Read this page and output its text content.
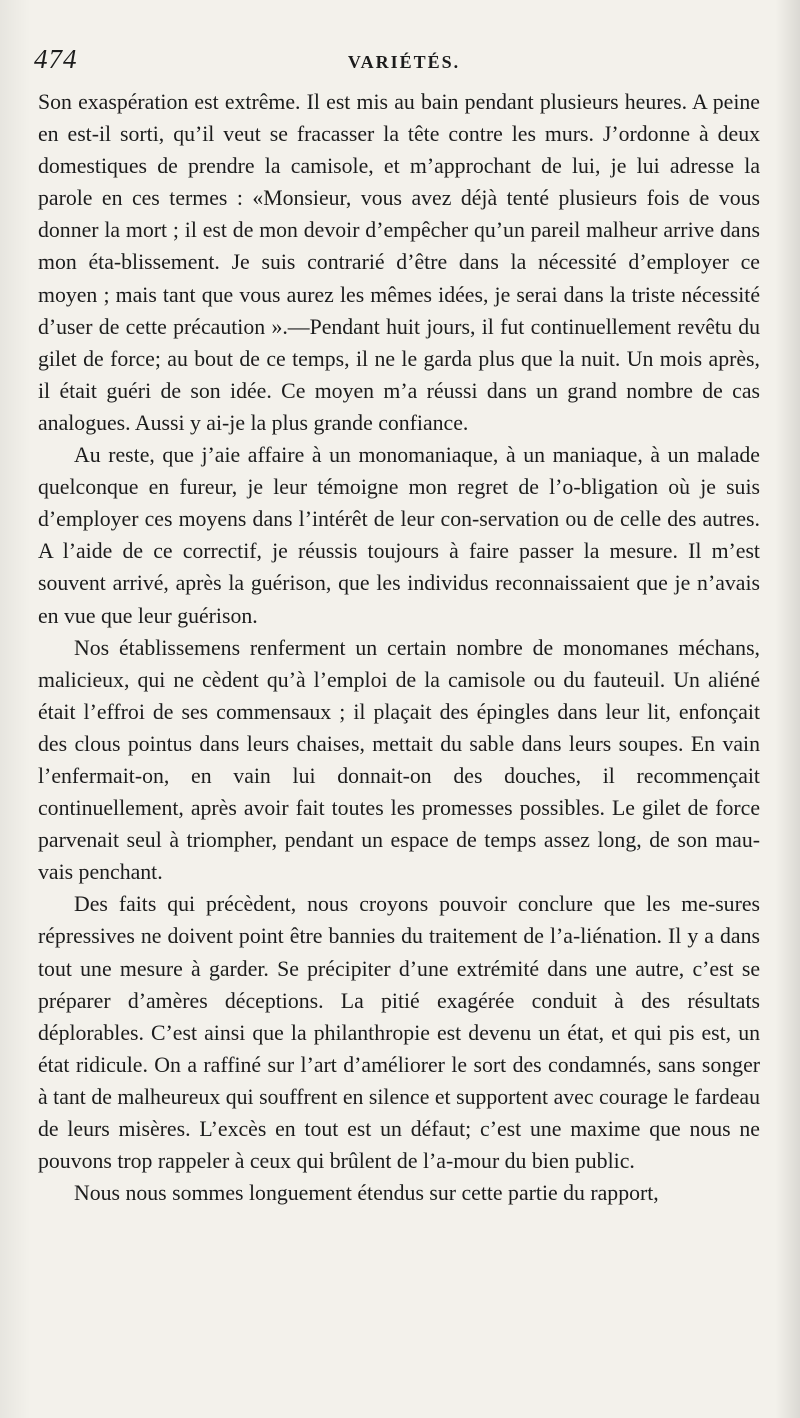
474	VARIÉTÉS.

Son exaspération est extrême. Il est mis au bain pendant plusieurs heures. A peine en est-il sorti, qu’il veut se fracasser la tête contre les murs. J’ordonne à deux domestiques de prendre la camisole, et m’approchant de lui, je lui adresse la parole en ces termes : «Monsieur, vous avez déjà tenté plusieurs fois de vous donner la mort ; il est de mon devoir d’empêcher qu’un pareil malheur arrive dans mon éta-blissement. Je suis contrarié d’être dans la nécessité d’employer ce moyen ; mais tant que vous aurez les mêmes idées, je serai dans la triste nécessité d’user de cette précaution ».—Pendant huit jours, il fut continuellement revêtu du gilet de force; au bout de ce temps, il ne le garda plus que la nuit. Un mois après, il était guéri de son idée. Ce moyen m’a réussi dans un grand nombre de cas analogues. Aussi y ai-je la plus grande confiance.

Au reste, que j’aie affaire à un monomaniaque, à un maniaque, à un malade quelconque en fureur, je leur témoigne mon regret de l’o-bligation où je suis d’employer ces moyens dans l’intérêt de leur con-servation ou de celle des autres. A l’aide de ce correctif, je réussis toujours à faire passer la mesure. Il m’est souvent arrivé, après la guérison, que les individus reconnaissaient que je n’avais en vue que leur guérison.

Nos établissemens renferment un certain nombre de monomanes méchans, malicieux, qui ne cèdent qu’à l’emploi de la camisole ou du fauteuil. Un aliéné était l’effroi de ses commensaux ; il plaçait des épingles dans leur lit, enfonçait des clous pointus dans leurs chaises, mettait du sable dans leurs soupes. En vain l’enfermait-on, en vain lui donnait-on des douches, il recommençait continuellement, après avoir fait toutes les promesses possibles. Le gilet de force parvenait seul à triompher, pendant un espace de temps assez long, de son mau-vais penchant.

Des faits qui précèdent, nous croyons pouvoir conclure que les me-sures répressives ne doivent point être bannies du traitement de l’a-liénation. Il y a dans tout une mesure à garder. Se précipiter d’une extrémité dans une autre, c’est se préparer d’amères déceptions. La pitié exagérée conduit à des résultats déplorables. C’est ainsi que la philanthropie est devenu un état, et qui pis est, un état ridicule. On a raffiné sur l’art d’améliorer le sort des condamnés, sans songer à tant de malheureux qui souffrent en silence et supportent avec courage le fardeau de leurs misères. L’excès en tout est un défaut; c’est une maxime que nous ne pouvons trop rappeler à ceux qui brûlent de l’a-mour du bien public.

Nous nous sommes longuement étendus sur cette partie du rapport,
